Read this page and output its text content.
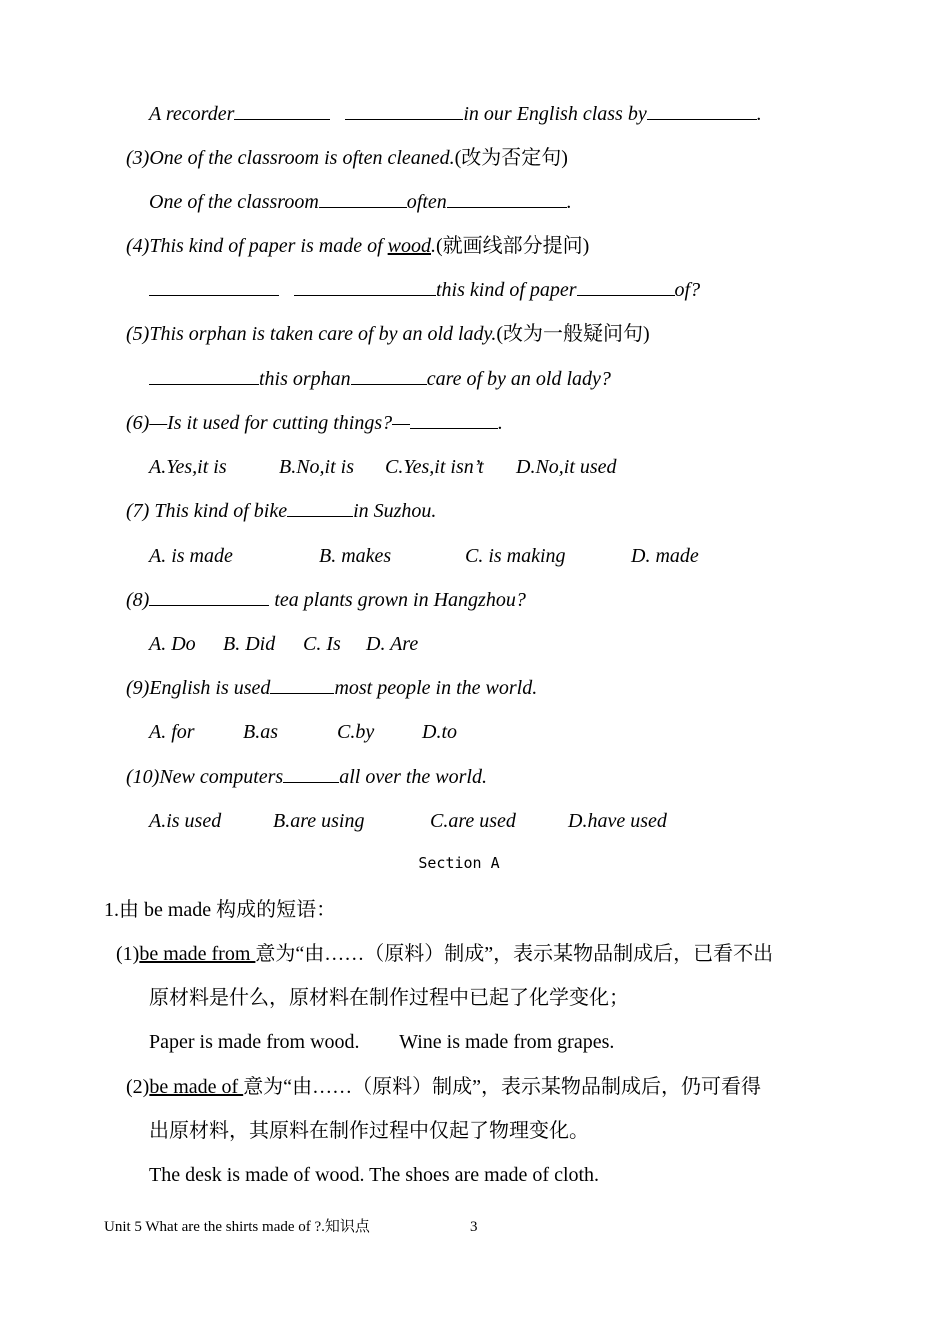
A recorder	in our English class by	.
(3)One of the classroom is often cleaned.(改为否定句)
One of the classroom	often	.
(4)This kind of paper is made of wood.(就画线部分提问)
this kind of paper	of?
(5)This orphan is taken care of by an old lady.(改为一般疑问句)
this orphan	care of by an old lady?
(6)—Is it used for cutting things?—	.
A.Yes,it is	B.No,it is C.Yes,it isn’t D.No,it used
(7) This kind of bike	in Suzhou.
A. is made	B. makes	C. is making	D. made
(8)	tea plants grown in Hangzhou?
A. Do B. Did C. Is D. Are
(9)English is used	most people in the world.
A. for B.as	C.by D.to
(10)New computers	all over the world.
A.is used	B.are using	C.are used	D.have used
Section A
1.由 be made 构成的短语：
(1)be made from 意为“由……（原料）制成”，表示某物品制成后，已看不出
原材料是什么，原材料在制作过程中已起了化学变化；
Paper is made from wood.        Wine is made from grapes.
(2)be made of 意为“由……（原料）制成”，表示某物品制成后，仍可看得
出原材料，其原料在制作过程中仅起了物理变化。
The desk is made of wood. The shoes are made of cloth.
Unit 5 What are the shirts made of ?.知识点	3
